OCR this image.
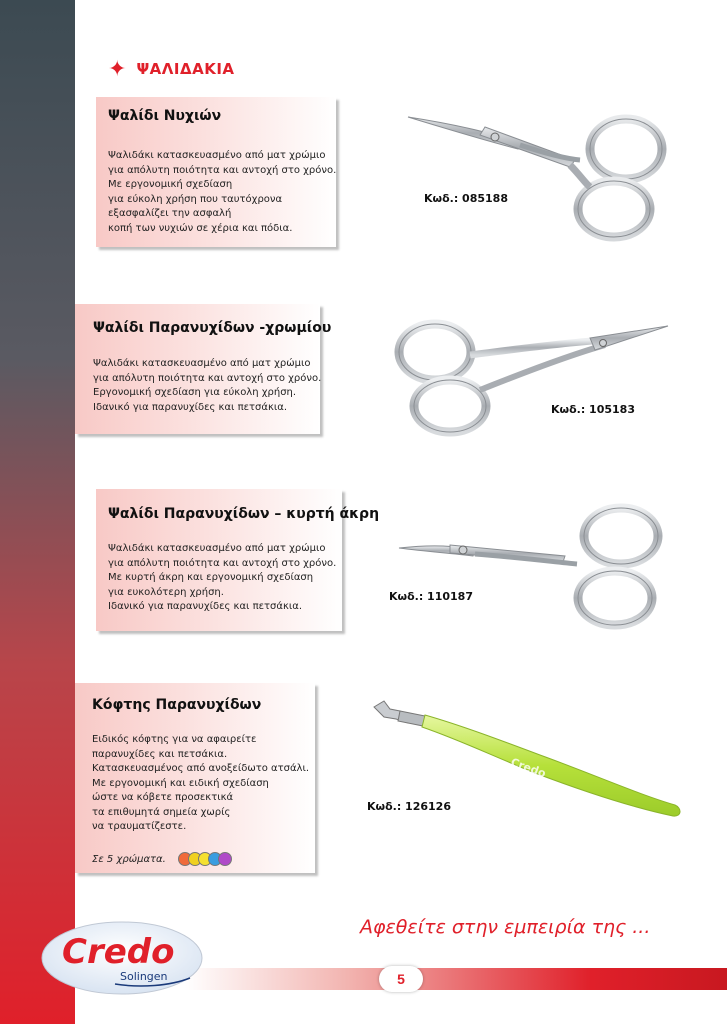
✦ ΨΑΛΙΔΑΚΙΑ
Ψαλίδι Νυχιών
Ψαλιδάκι κατασκευασμένο από ματ χρώμιο
για απόλυτη ποιότητα και αντοχή στο χρόνο.
Με εργονομική σχεδίαση
για εύκολη χρήση που ταυτόχρονα
εξασφαλίζει την ασφαλή
κοπή των νυχιών σε χέρια και πόδια.
Κωδ.: 085188
Ψαλίδι Παρανυχίδων -χρωμίου
Ψαλιδάκι κατασκευασμένο από ματ χρώμιο
για απόλυτη ποιότητα και αντοχή στο χρόνο.
Εργονομική σχεδίαση για εύκολη χρήση.
Ιδανικό για παρανυχίδες και πετσάκια.	Κωδ.: 105183
Ψαλίδι Παρανυχίδων – κυρτή άκρη
Ψαλιδάκι κατασκευασμένο από ματ χρώμιο
για απόλυτη ποιότητα και αντοχή στο χρόνο.
Με κυρτή άκρη και εργονομική σχεδίαση
για ευκολότερη χρήση.
Ιδανικό για παρανυχίδες και πετσάκια.
Κωδ.: 110187
Κόφτης Παρανυχίδων
Ειδικός κόφτης για να αφαιρείτε
παρανυχίδες και πετσάκια.
Κατασκευασμένος από ανοξείδωτο ατσάλι.
Με εργονομική και ειδική σχεδίαση
ώστε να κόβετε προσεκτικά
τα επιθυμητά σημεία χωρίς
να τραυματίζεστε.
Σε 5 χρώματα.
Κωδ.: 126126
Credo
Αφεθείτε στην εμπειρία της ...
5
Credo
Solingen
